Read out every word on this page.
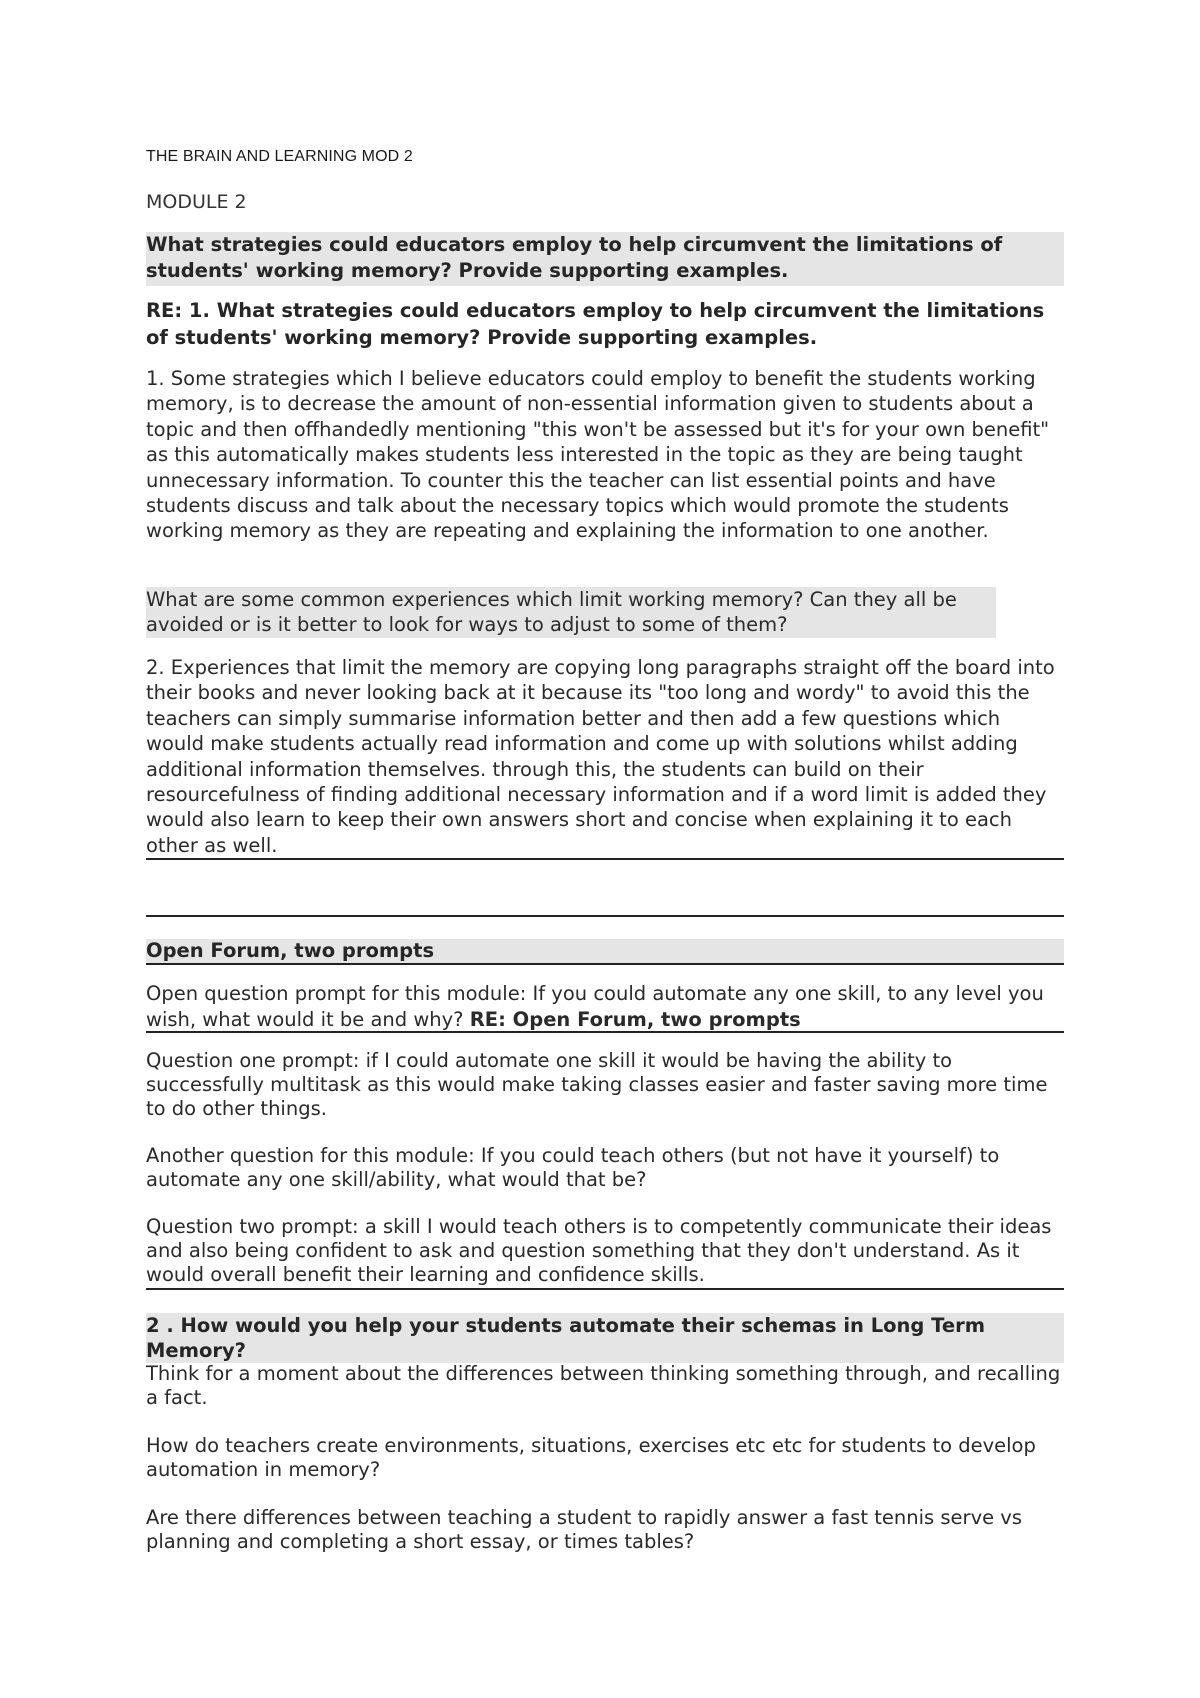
THE BRAIN AND LEARNING MOD 2
MODULE 2
What strategies could educators employ to help circumvent the limitations of students' working memory? Provide supporting examples.
RE: 1. What strategies could educators employ to help circumvent the limitations of students' working memory? Provide supporting examples.
1. Some strategies which I believe educators could employ to benefit the students working memory, is to decrease the amount of non-essential information given to students about a topic and then offhandedly mentioning "this won't be assessed but it's for your own benefit" as this automatically makes students less interested in the topic as they are being taught unnecessary information. To counter this the teacher can list essential points and have students discuss and talk about the necessary topics which would promote the students working memory as they are repeating and explaining the information to one another.
What are some common experiences which limit working memory? Can they all be avoided or is it better to look for ways to adjust to some of them?
2. Experiences that limit the memory are copying long paragraphs straight off the board into their books and never looking back at it because its "too long and wordy" to avoid this the teachers can simply summarise information better and then add a few questions which would make students actually read information and come up with solutions whilst adding additional information themselves. through this, the students can build on their resourcefulness of finding additional necessary information and if a word limit is added they would also learn to keep their own answers short and concise when explaining it to each other as well.
Open Forum, two prompts
Open question prompt for this module: If you could automate any one skill, to any level you wish, what would it be and why? RE: Open Forum, two prompts
Question one prompt: if I could automate one skill it would be having the ability to successfully multitask as this would make taking classes easier and faster saving more time to do other things.
Another question for this module: If you could teach others (but not have it yourself) to automate any one skill/ability, what would that be?
Question two prompt: a skill I would teach others is to competently communicate their ideas and also being confident to ask and question something that they don't understand. As it would overall benefit their learning and confidence skills.
2 . How would you help your students automate their schemas in Long Term Memory?
Think for a moment about the differences between thinking something through, and recalling a fact.
How do teachers create environments, situations, exercises etc etc for students to develop automation in memory?
Are there differences between teaching a student to rapidly answer a fast tennis serve vs planning and completing a short essay, or times tables?
